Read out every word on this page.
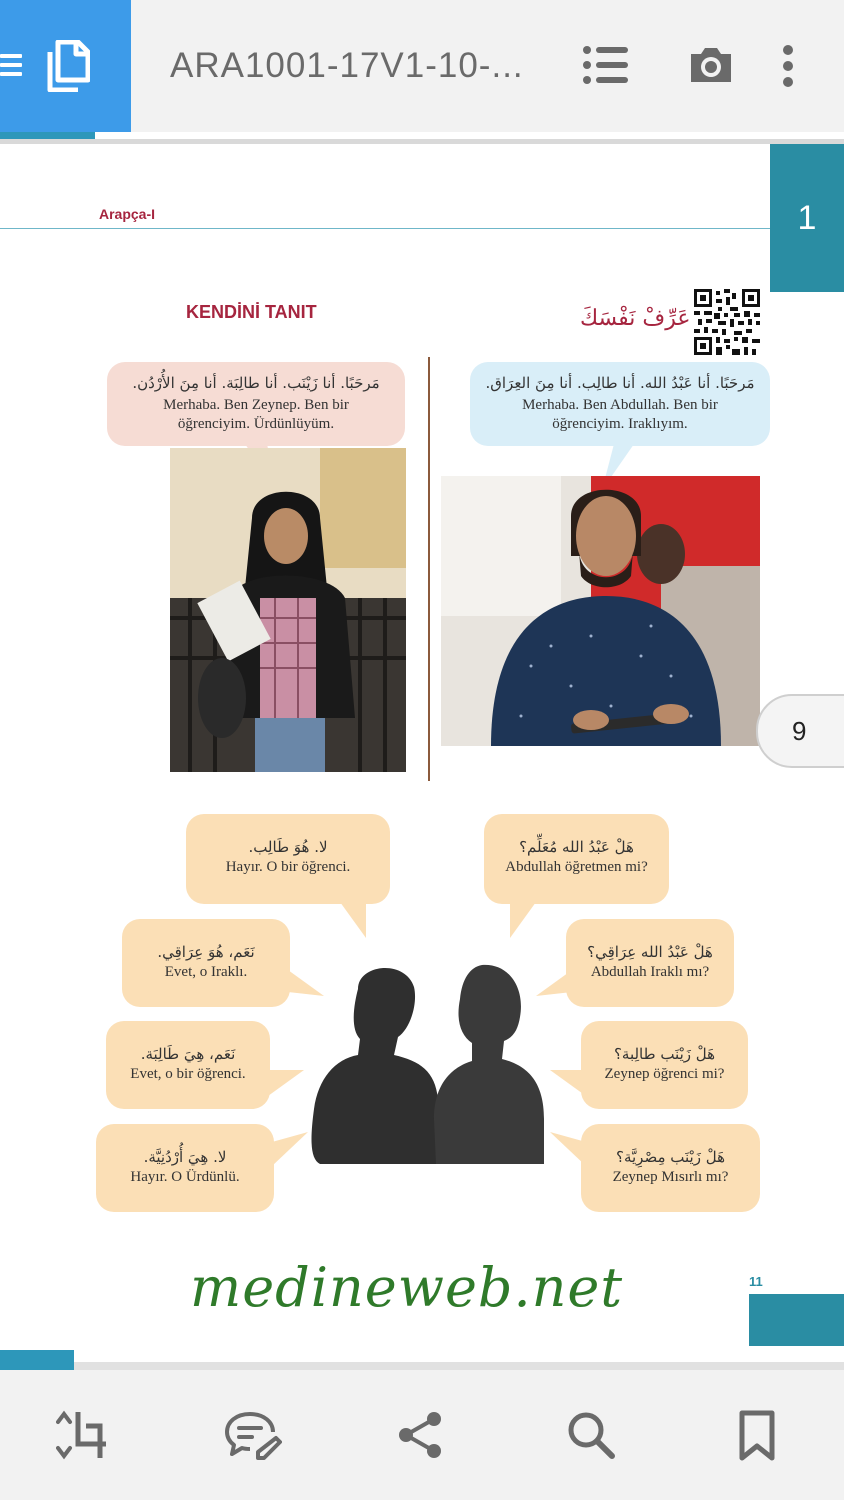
ARA1001-17V1-10-...
1
Arapça-I
KENDİNİ TANIT	عَرِّفْ نَفْسَكَ
مَرحَبًا. أنا زَيْنَب. أنا طالِبَة. أنا مِنَ الأُرْدُن.
Merhaba. Ben Zeynep. Ben bir öğrenciyim. Ürdünlüyüm.
مَرحَبًا. أنا عَبْدُ الله. أنا طالِب. أنا مِنَ العِرَاق.
Merhaba. Ben Abdullah. Ben bir öğrenciyim. Iraklıyım.
9
لا. هُوَ طَالِب.
Hayır. O bir öğrenci.
نَعَم، هُوَ عِرَاقِي.
Evet, o Iraklı.
نَعَم، هِيَ طَالِبَة.
Evet, o bir öğrenci.
لا. هِيَ أُرْدُنِيَّة.
Hayır. O Ürdünlü.
هَلْ عَبْدُ الله مُعَلِّم؟
Abdullah öğretmen mi?
هَلْ عَبْدُ الله عِرَاقِي؟
Abdullah Iraklı mı?
هَلْ زَيْنَب طالِبة؟
Zeynep öğrenci mi?
هَلْ زَيْنَب مِصْرِيَّة؟
Zeynep Mısırlı mı?
medineweb.net	11
